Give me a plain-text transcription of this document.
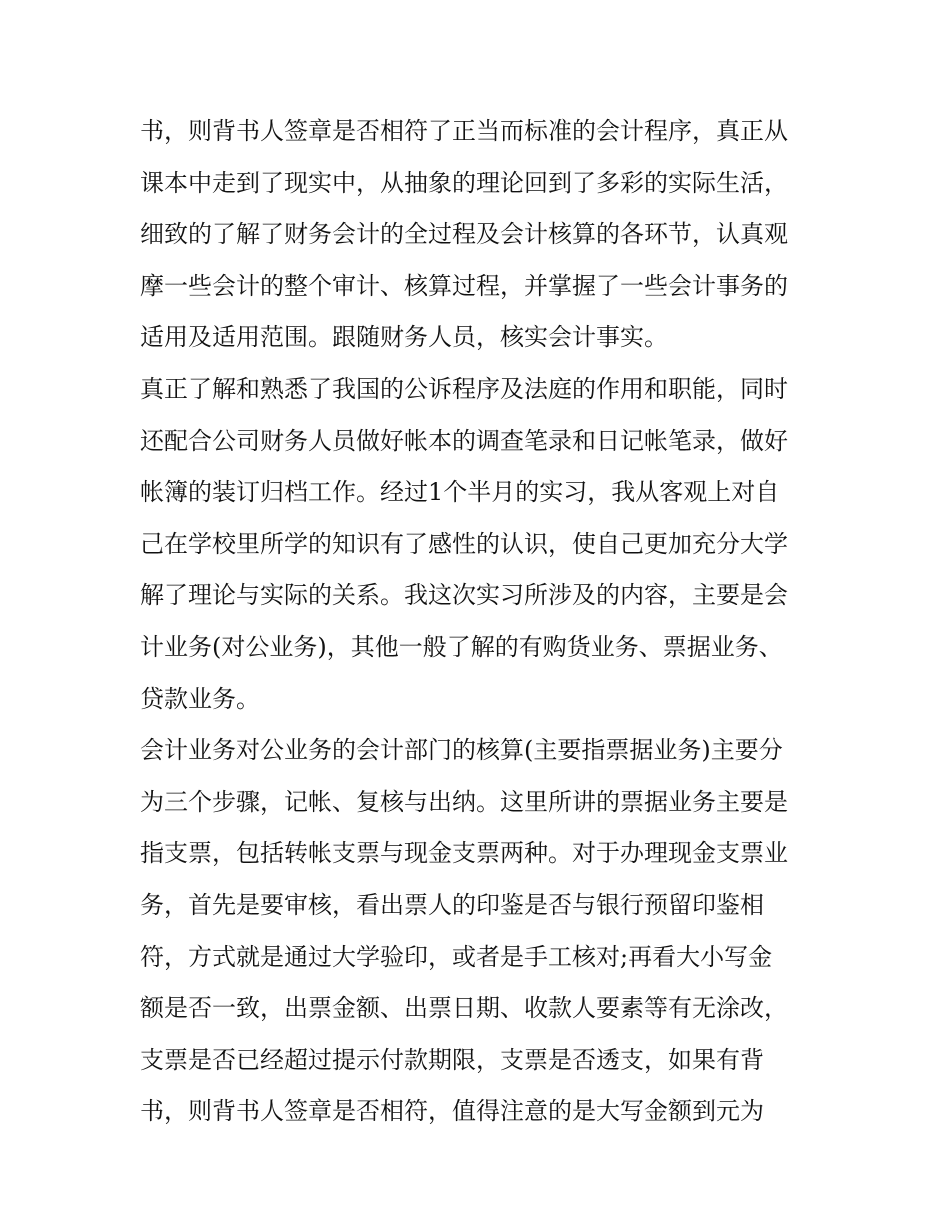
书，则背书人签章是否相符了正当而标准的会计程序，真正从
课本中走到了现实中，从抽象的理论回到了多彩的实际生活，
细致的了解了财务会计的全过程及会计核算的各环节，认真观
摩一些会计的整个审计、核算过程，并掌握了一些会计事务的
适用及适用范围。跟随财务人员，核实会计事实。
真正了解和熟悉了我国的公诉程序及法庭的作用和职能，同时
还配合公司财务人员做好帐本的调查笔录和日记帐笔录，做好
帐簿的装订归档工作。经过1个半月的实习，我从客观上对自
己在学校里所学的知识有了感性的认识，使自己更加充分大学
解了理论与实际的关系。我这次实习所涉及的内容，主要是会
计业务(对公业务)，其他一般了解的有购货业务、票据业务、
贷款业务。
会计业务对公业务的会计部门的核算(主要指票据业务)主要分
为三个步骤，记帐、复核与出纳。这里所讲的票据业务主要是
指支票，包括转帐支票与现金支票两种。对于办理现金支票业
务，首先是要审核，看出票人的印鉴是否与银行预留印鉴相
符，方式就是通过大学验印，或者是手工核对;再看大小写金
额是否一致，出票金额、出票日期、收款人要素等有无涂改，
支票是否已经超过提示付款期限，支票是否透支，如果有背
书，则背书人签章是否相符，值得注意的是大写金额到元为
